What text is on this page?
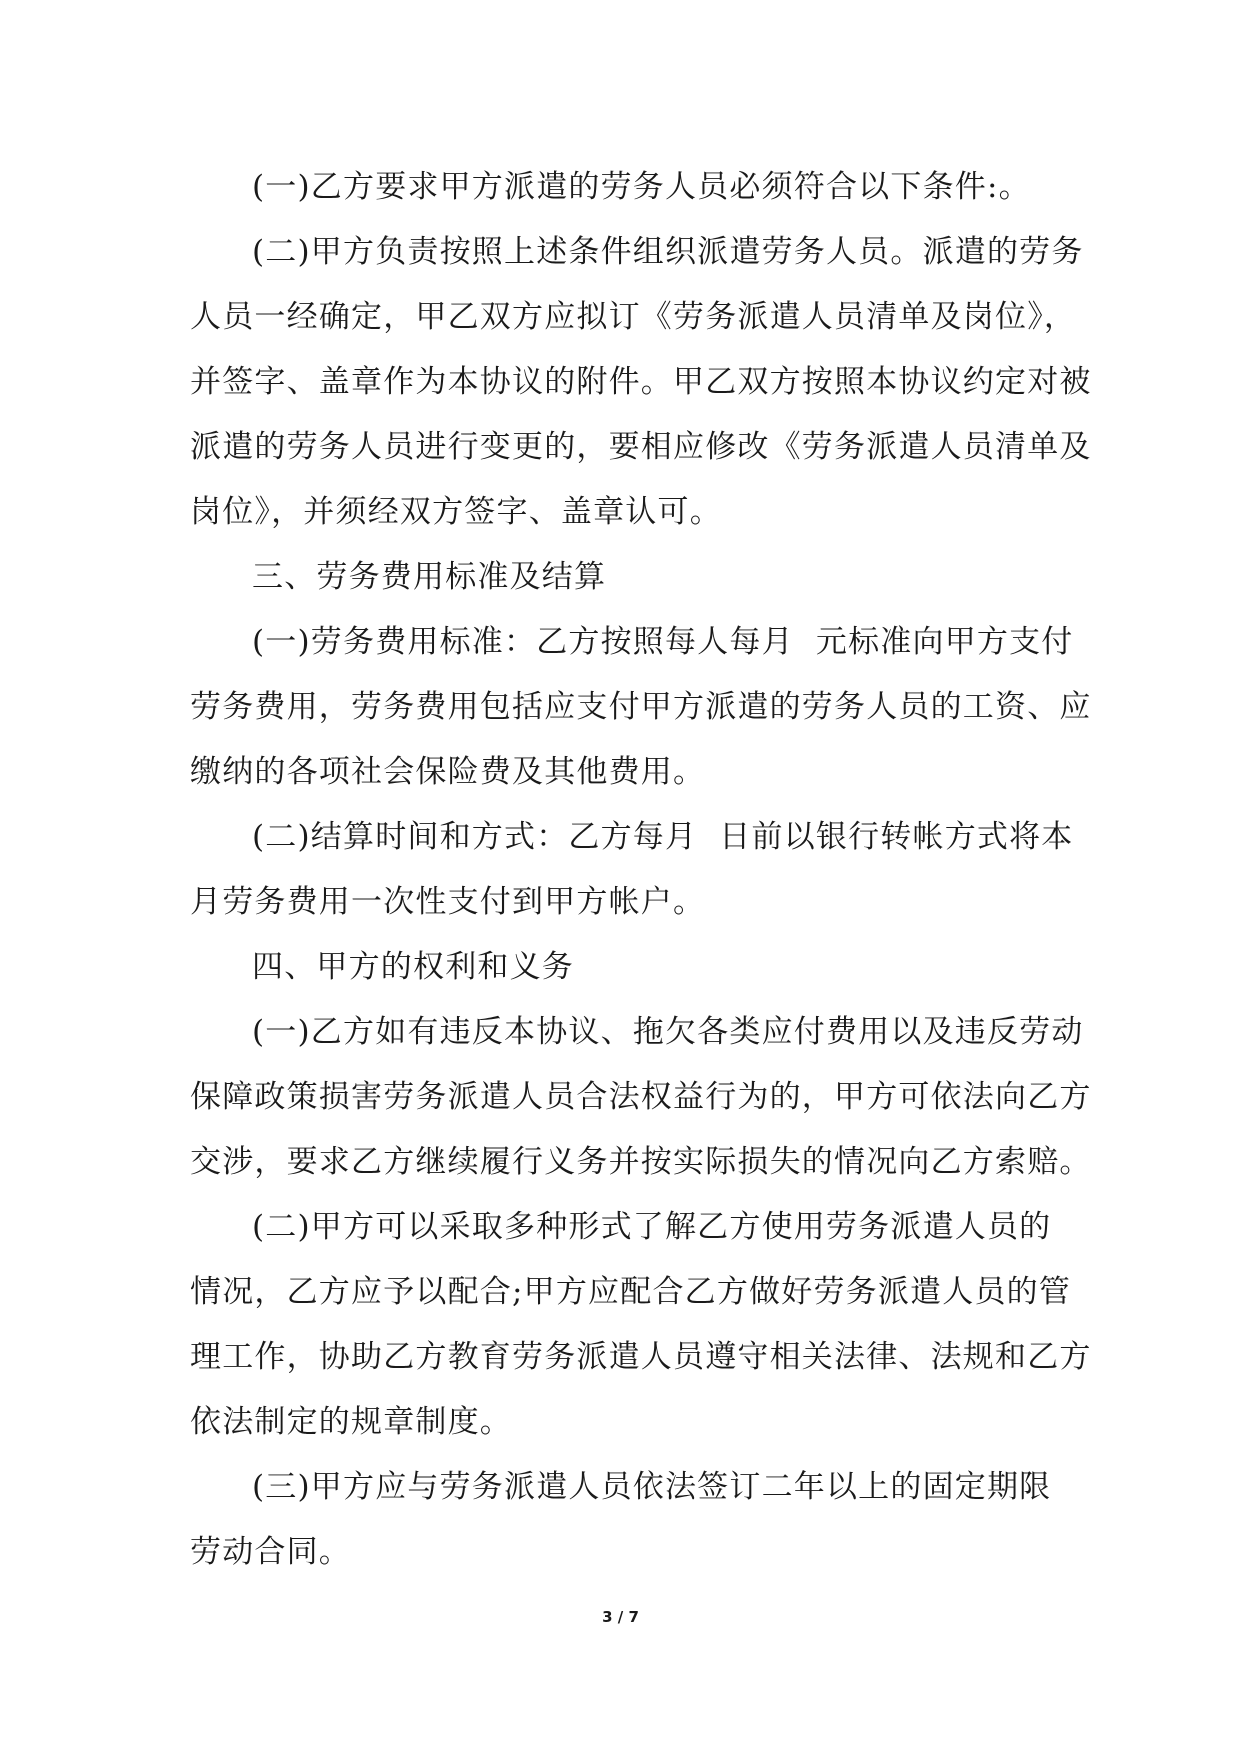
(一)乙方要求甲方派遣的劳务人员必须符合以下条件:。
(二)甲方负责按照上述条件组织派遣劳务人员。派遣的劳务
人员一经确定，甲乙双方应拟订《劳务派遣人员清单及岗位》，
并签字、盖章作为本协议的附件。甲乙双方按照本协议约定对被
派遣的劳务人员进行变更的，要相应修改《劳务派遣人员清单及
岗位》，并须经双方签字、盖章认可。
三、劳务费用标准及结算
(一)劳务费用标准：乙方按照每人每月  元标准向甲方支付
劳务费用，劳务费用包括应支付甲方派遣的劳务人员的工资、应
缴纳的各项社会保险费及其他费用。
(二)结算时间和方式：乙方每月  日前以银行转帐方式将本
月劳务费用一次性支付到甲方帐户。
四、甲方的权利和义务
(一)乙方如有违反本协议、拖欠各类应付费用以及违反劳动
保障政策损害劳务派遣人员合法权益行为的，甲方可依法向乙方
交涉，要求乙方继续履行义务并按实际损失的情况向乙方索赔。
(二)甲方可以采取多种形式了解乙方使用劳务派遣人员的
情况，乙方应予以配合;甲方应配合乙方做好劳务派遣人员的管
理工作，协助乙方教育劳务派遣人员遵守相关法律、法规和乙方
依法制定的规章制度。
(三)甲方应与劳务派遣人员依法签订二年以上的固定期限
劳动合同。
3 / 7
